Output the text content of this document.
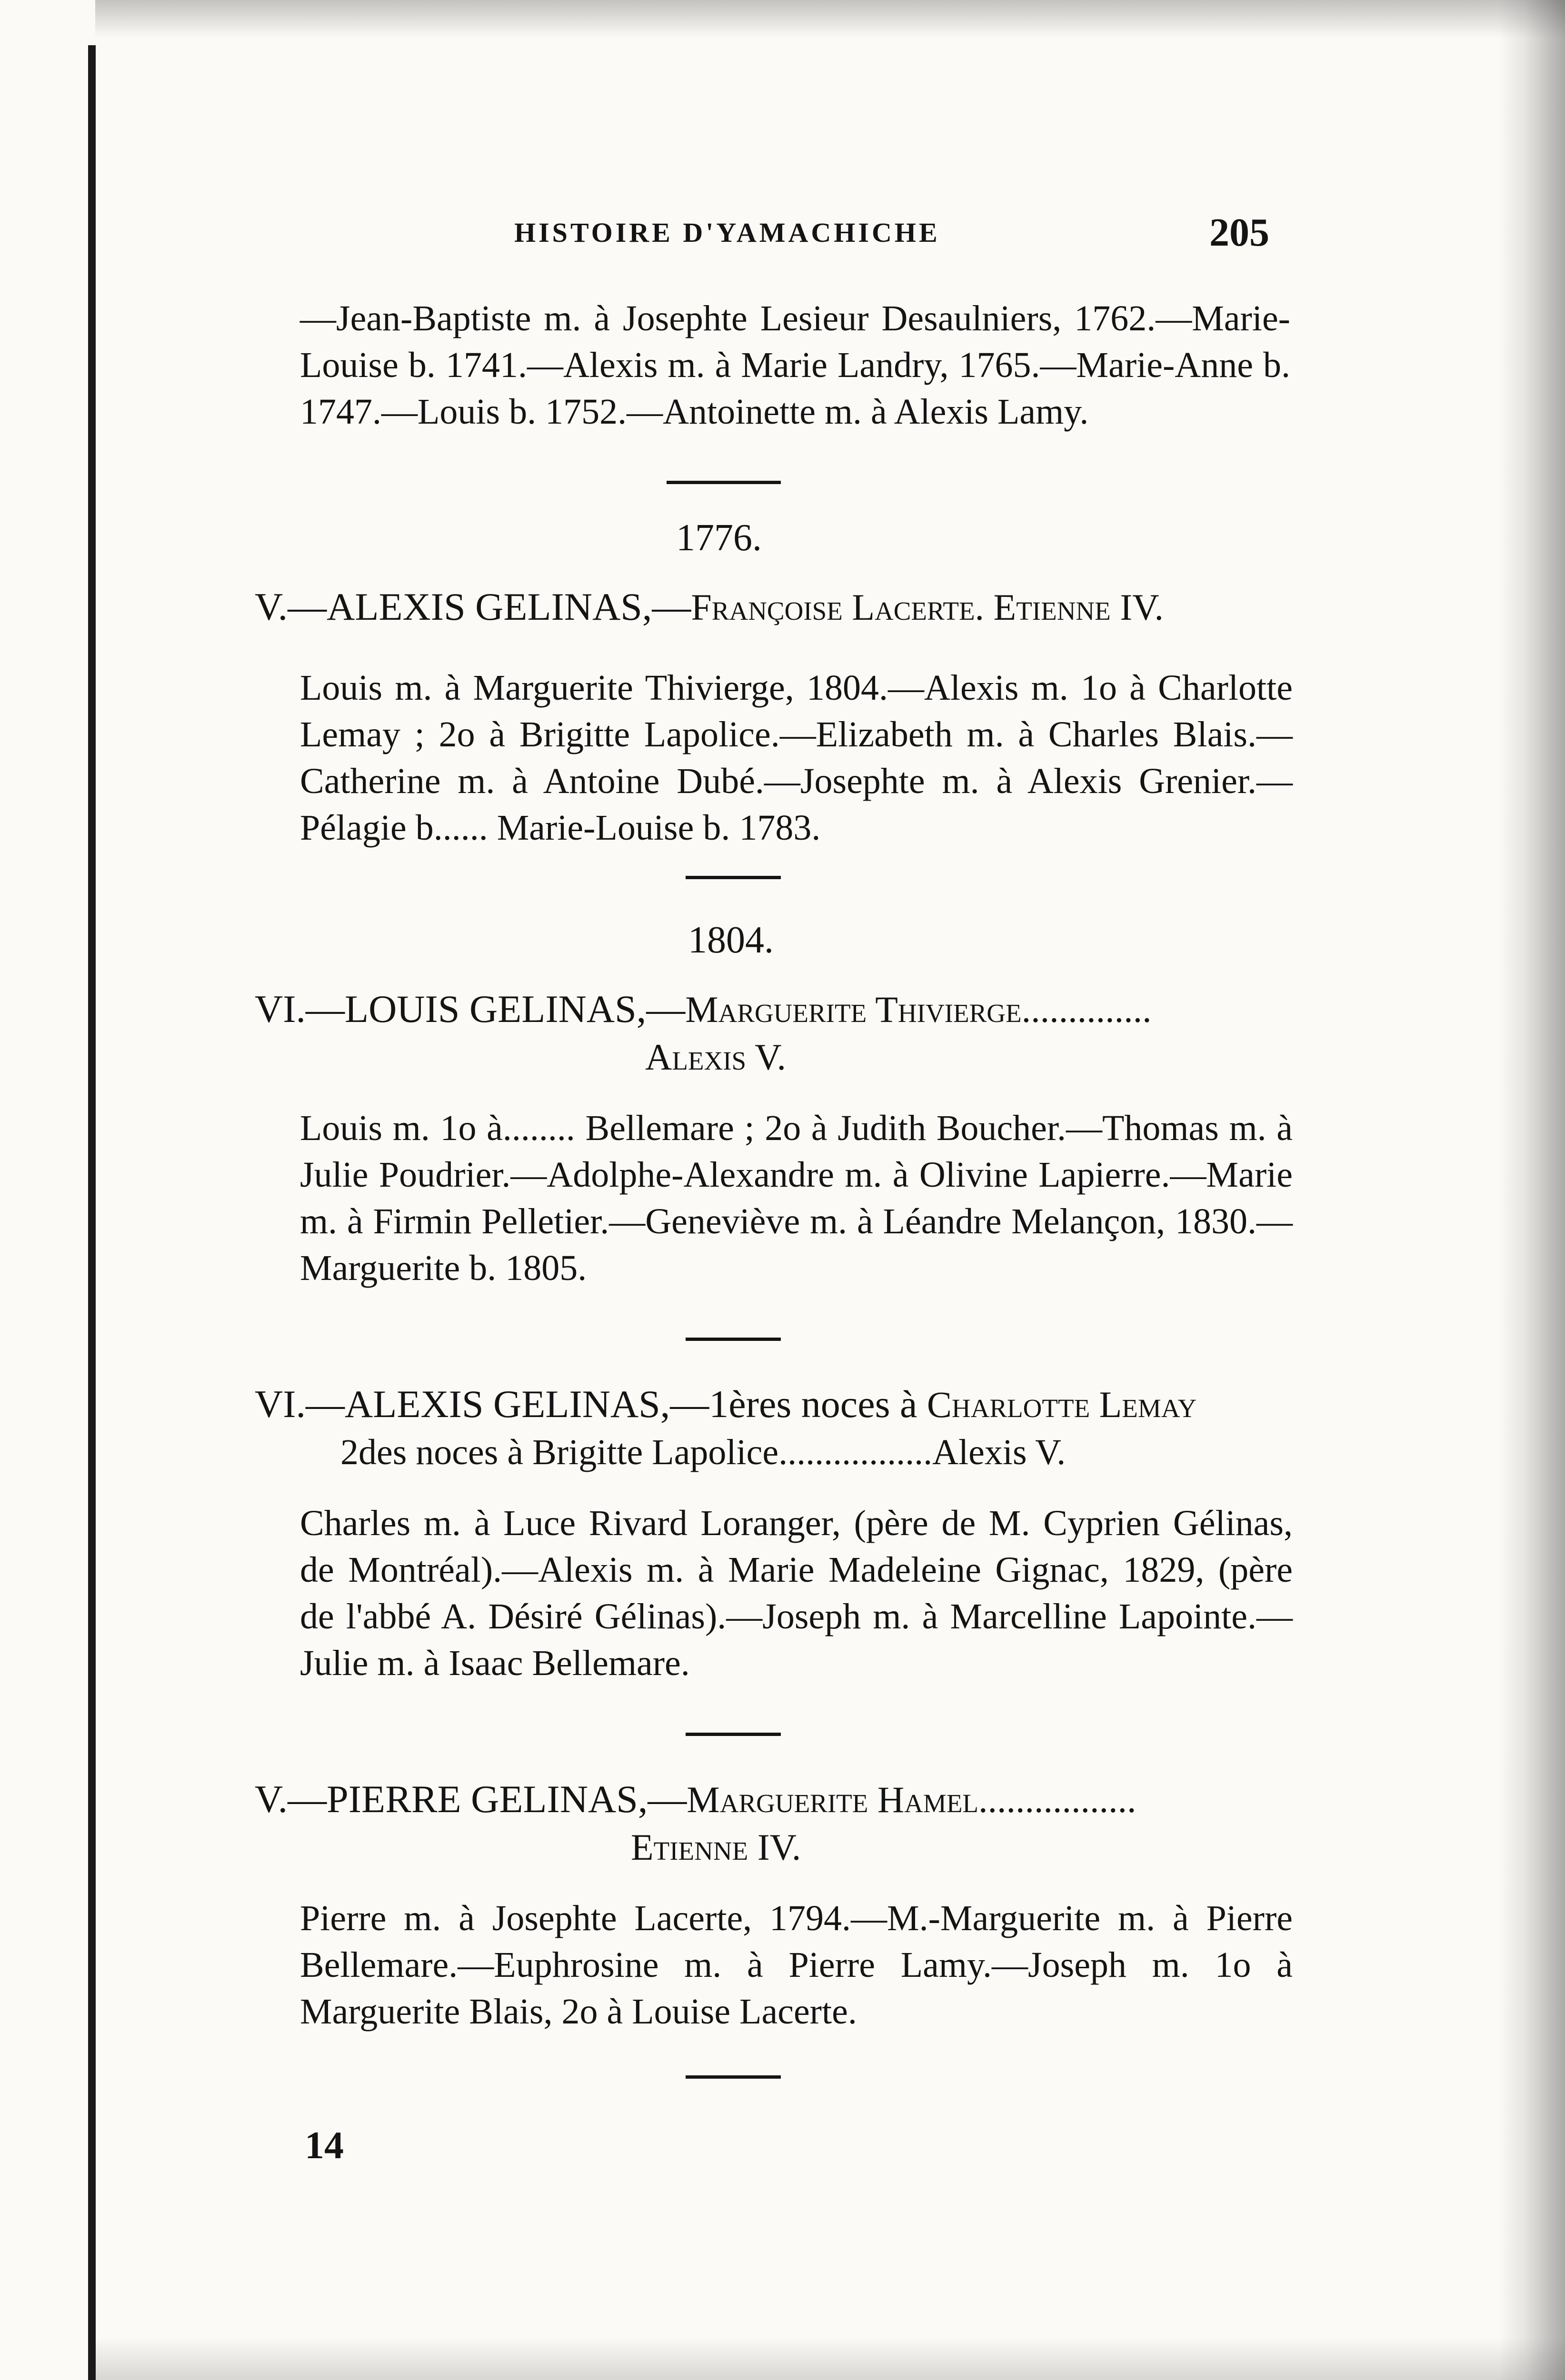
HISTOIRE D'YAMACHICHE	205

—Jean-Baptiste m. à Josephte Lesieur Desaulniers, 1762.—Marie-Louise b. 1741.—Alexis m. à Marie Landry, 1765.—Marie-Anne b. 1747.—Louis b. 1752.—Antoinette m. à Alexis Lamy.

1776.

V.—ALEXIS GELINAS,—Françoise Lacerte. Etienne IV.

Louis m. à Marguerite Thivierge, 1804.—Alexis m. 1o à Charlotte Lemay ; 2o à Brigitte Lapolice.—Elizabeth m. à Charles Blais.—Catherine m. à Antoine Dubé.—Josephte m. à Alexis Grenier.—Pélagie b...... Marie-Louise b. 1783.

1804.

VI.—LOUIS GELINAS,—Marguerite Thivierge..............

Alexis V.

Louis m. 1o à........ Bellemare ; 2o à Judith Boucher.—Thomas m. à Julie Poudrier.—Adolphe-Alexandre m. à Olivine Lapierre.—Marie m. à Firmin Pelletier.—Geneviève m. à Léandre Melançon, 1830.—Marguerite b. 1805.

VI.—ALEXIS GELINAS,—1ères noces à Charlotte Lemay

2des noces à Brigitte Lapolice.................Alexis V.

Charles m. à Luce Rivard Loranger, (père de M. Cyprien Gélinas, de Montréal).—Alexis m. à Marie Madeleine Gignac, 1829, (père de l'abbé A. Désiré Gélinas).—Joseph m. à Marcelline Lapointe.—Julie m. à Isaac Bellemare.

V.—PIERRE GELINAS,—Marguerite Hamel.................

Etienne IV.

Pierre m. à Josephte Lacerte, 1794.—M.-Marguerite m. à Pierre Bellemare.—Euphrosine m. à Pierre Lamy.—Joseph m. 1o à Marguerite Blais, 2o à Louise Lacerte.

14
